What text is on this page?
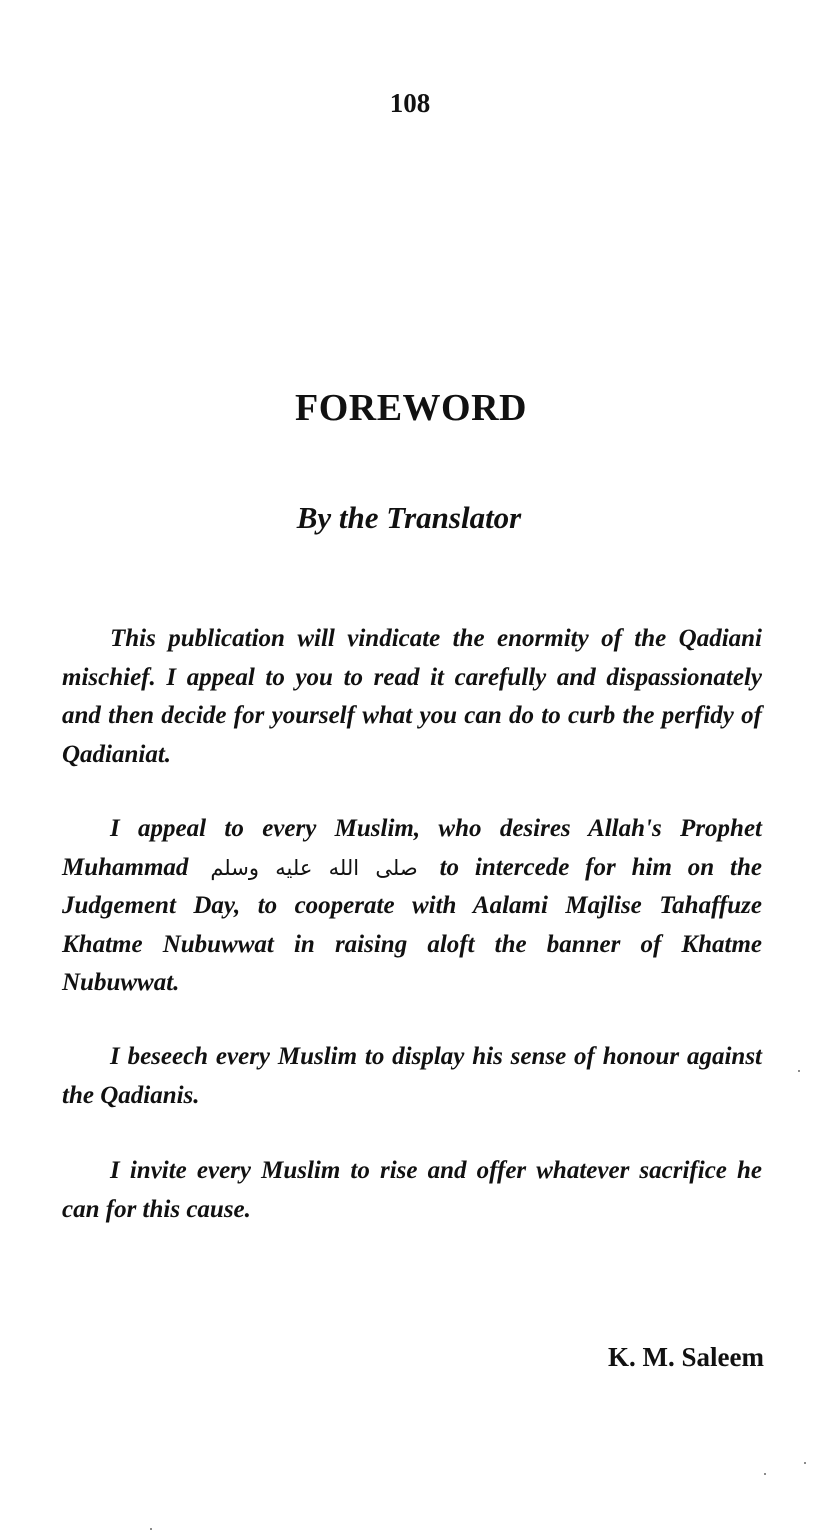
108
FOREWORD
By the Translator

This publication will vindicate the enormity of the Qadiani mischief. I appeal to you to read it carefully and dispassionately and then decide for yourself what you can do to curb the perfidy of Qadianiat.

I appeal to every Muslim, who desires Allah's Prophet Muhammad صلى الله عليه وسلم to intercede for him on the Judgement Day, to cooperate with Aalami Majlise Tahaffuze Khatme Nubuwwat in raising aloft the banner of Khatme Nubuwwat.

I beseech every Muslim to display his sense of honour against the Qadianis.

I invite every Muslim to rise and offer whatever sacrifice he can for this cause.

K. M. Saleem
